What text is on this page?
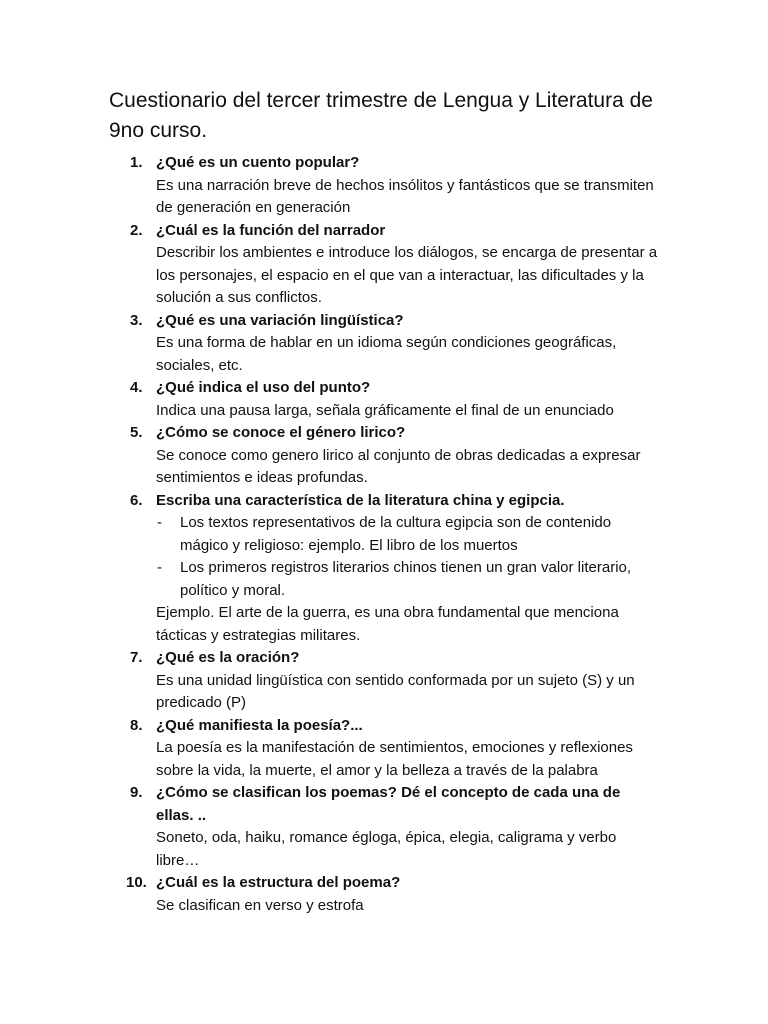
Cuestionario del tercer trimestre de Lengua y Literatura de 9no curso.
1. ¿Qué es un cuento popular?
Es una narración breve de hechos insólitos y fantásticos que se transmiten de generación en generación
2. ¿Cuál es la función del narrador
Describir los ambientes e introduce los diálogos, se encarga de presentar a los personajes, el espacio en el que van a interactuar, las dificultades y la solución a sus conflictos.
3. ¿Qué es una variación lingüística?
Es una forma de hablar en un idioma según condiciones geográficas, sociales, etc.
4. ¿Qué indica el uso del punto?
Indica una pausa larga, señala gráficamente el final de un enunciado
5. ¿Cómo se conoce el género lirico?
Se conoce como genero lirico al conjunto de obras dedicadas a expresar sentimientos e ideas profundas.
6. Escriba una característica de la literatura china y egipcia.
- Los textos representativos de la cultura egipcia son de contenido mágico y religioso: ejemplo. El libro de los muertos
- Los primeros registros literarios chinos tienen un gran valor literario, político y moral.
Ejemplo. El arte de la guerra, es una obra fundamental que menciona tácticas y estrategias militares.
7. ¿Qué es la oración?
Es una unidad lingüística con sentido conformada por un sujeto (S) y un predicado (P)
8. ¿Qué manifiesta la poesía?...
La poesía es la manifestación de sentimientos, emociones y reflexiones sobre la vida, la muerte, el amor y la belleza a través de la palabra
9. ¿Cómo se clasifican los poemas? Dé el concepto de cada una de ellas. ..
Soneto, oda, haiku, romance égloga, épica, elegia, caligrama y verbo libre…
10. ¿Cuál es la estructura del poema?
Se clasifican en verso y estrofa
